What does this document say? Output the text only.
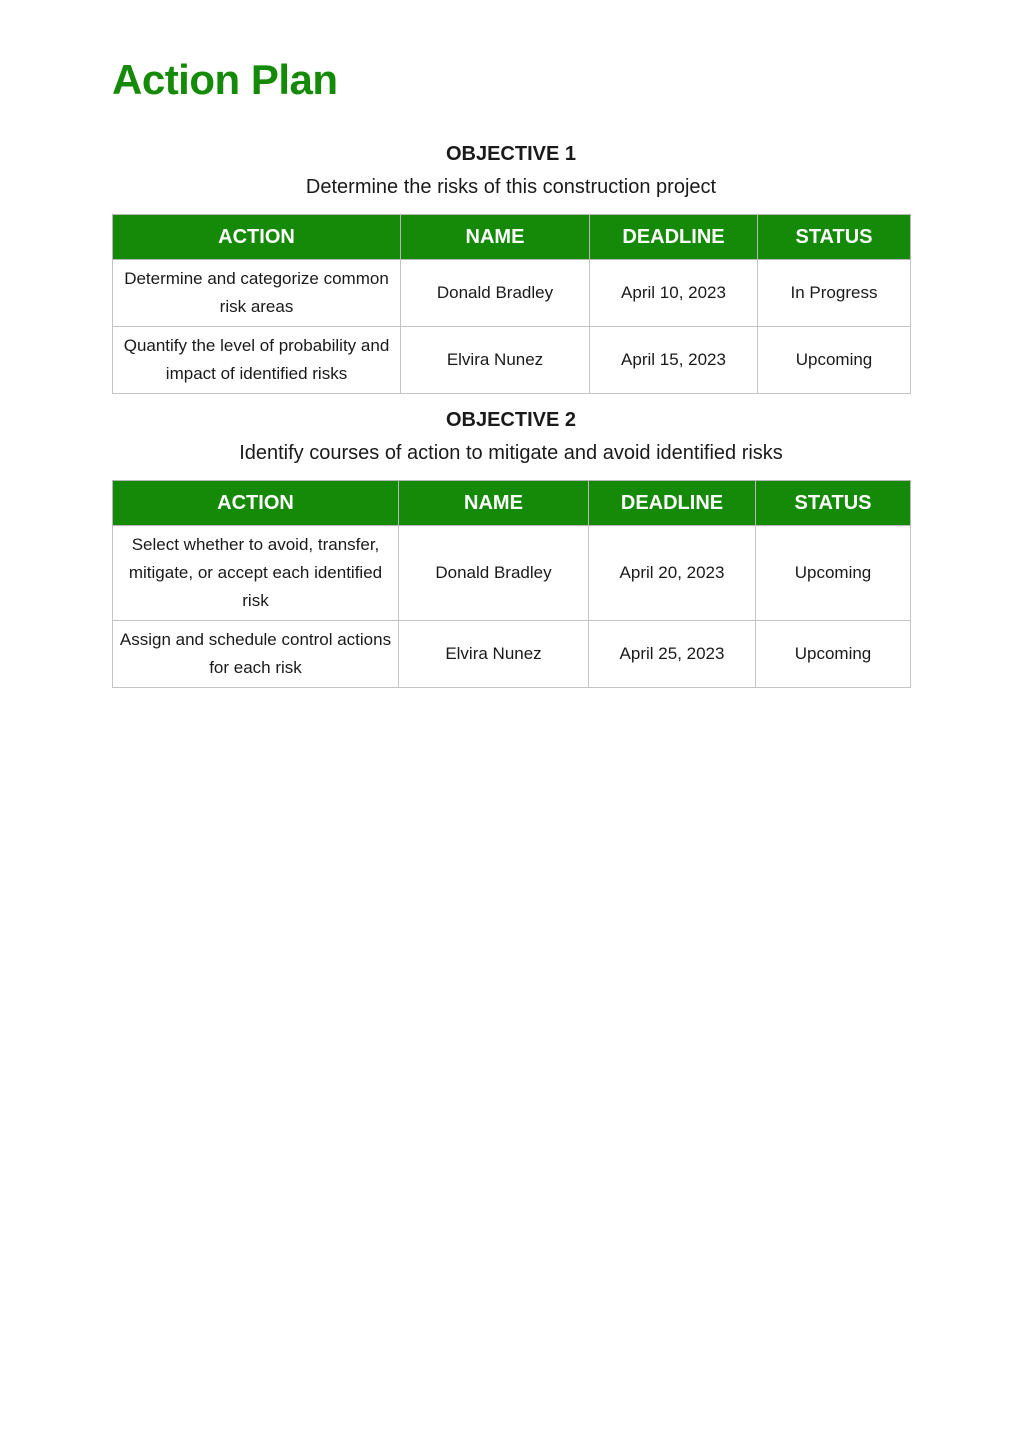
Action Plan
OBJECTIVE 1
Determine the risks of this construction project
ACTION	NAME	DEADLINE	STATUS
Determine and categorize common risk areas	Donald Bradley	April 10, 2023	In Progress
Quantify the level of probability and impact of identified risks	Elvira Nunez	April 15, 2023	Upcoming
OBJECTIVE 2
Identify courses of action to mitigate and avoid identified risks
ACTION	NAME	DEADLINE	STATUS
Select whether to avoid, transfer, mitigate, or accept each identified risk	Donald Bradley	April 20, 2023	Upcoming
Assign and schedule control actions for each risk	Elvira Nunez	April 25, 2023	Upcoming
